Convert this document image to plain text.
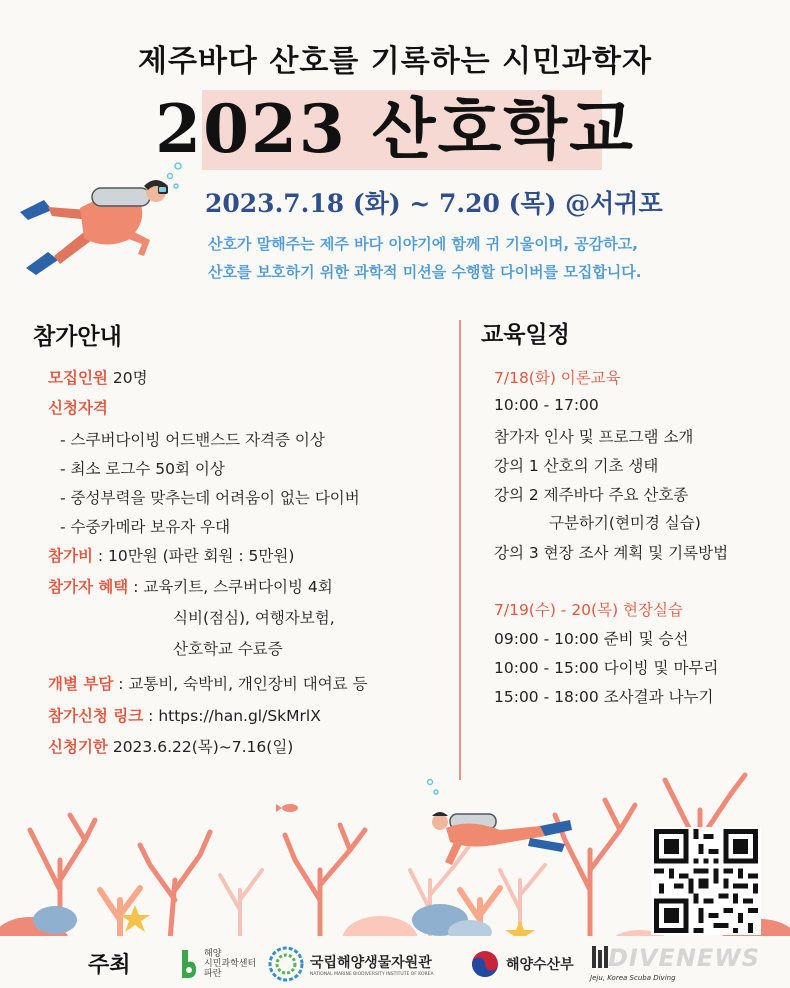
제주바다 산호를 기록하는 시민과학자
2023 산호학교
2023.7.18 (화) ~ 7.20 (목) @서귀포
산호가 말해주는 제주 바다 이야기에 함께 귀 기울이며, 공감하고,
산호를 보호하기 위한 과학적 미션을 수행할 다이버를 모집합니다.
참가안내
모집인원 20명
신청자격
- 스쿠버다이빙 어드밴스드 자격증 이상
- 최소 로그수 50회 이상
- 중성부력을 맞추는데 어려움이 없는 다이버
- 수중카메라 보유자 우대
참가비 : 10만원 (파란 회원 : 5만원)
참가자 혜택 : 교육키트, 스쿠버다이빙 4회
식비(점심), 여행자보험,
산호학교 수료증
개별 부담 : 교통비, 숙박비, 개인장비 대여료 등
참가신청 링크 : https://han.gl/SkMrlX
신청기한 2023.6.22(목)~7.16(일)
교육일정
7/18(화) 이론교육
10:00 - 17:00
참가자 인사 및 프로그램 소개
강의 1 산호의 기초 생태
강의 2 제주바다 주요 산호종
구분하기(현미경 실습)
강의 3 현장 조사 계획 및 기록방법
7/19(수) - 20(목) 현장실습
09:00 - 10:00 준비 및 승선
10:00 - 15:00 다이빙 및 마무리
15:00 - 18:00 조사결과 나누기
주최	해양
시민과학센터
파란
국립해양생물자원관
NATIONAL MARINE BIODIVERSITY INSTITUTE OF KOREA
해양수산부
Jeju, Korea Scuba Diving
DIVENEWS
